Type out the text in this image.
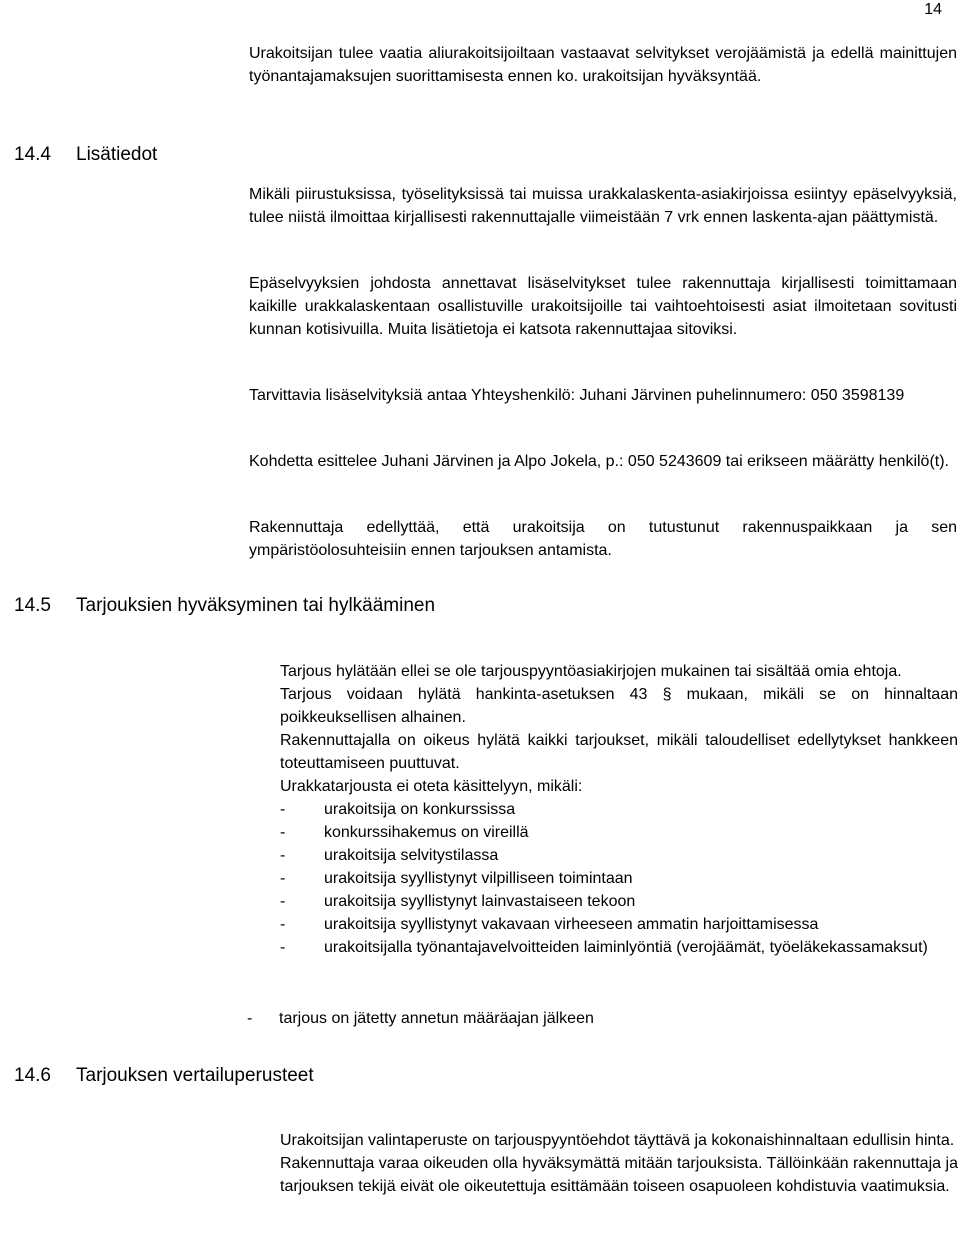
14

Urakoitsijan tulee vaatia aliurakoitsijoiltaan vastaavat selvitykset verojäämistä ja edellä mainittujen työnantajamaksujen suorittamisesta ennen ko. urakoitsijan hyväksyntää.

14.4 Lisätiedot

Mikäli piirustuksissa, työselityksissä tai muissa urakkalaskenta-asiakirjoissa esiintyy epäselvyyksiä, tulee niistä ilmoittaa kirjallisesti rakennuttajalle viimeistään 7 vrk ennen laskenta-ajan päättymistä.

Epäselvyyksien johdosta annettavat lisäselvitykset tulee rakennuttaja kirjallisesti toimittamaan kaikille urakkalaskentaan osallistuville urakoitsijoille tai vaihtoehtoisesti asiat ilmoitetaan sovitusti kunnan kotisivuilla. Muita lisätietoja ei katsota rakennuttajaa sitoviksi.

Tarvittavia lisäselvityksiä antaa Yhteyshenkilö: Juhani Järvinen puhelinnumero: 050 3598139

Kohdetta esittelee Juhani Järvinen ja Alpo Jokela, p.: 050 5243609 tai erikseen määrätty henkilö(t).

Rakennuttaja edellyttää, että urakoitsija on tutustunut rakennuspaikkaan ja sen ympäristöolosuhteisiin ennen tarjouksen antamista.

14.5 Tarjouksien hyväksyminen tai hylkääminen

Tarjous hylätään ellei se ole tarjouspyyntöasiakirjojen mukainen tai sisältää omia ehtoja.

Tarjous voidaan hylätä hankinta-asetuksen 43 § mukaan, mikäli se on hinnaltaan poikkeuksellisen alhainen.

Rakennuttajalla on oikeus hylätä kaikki tarjoukset, mikäli taloudelliset edellytykset hankkeen toteuttamiseen puuttuvat.

Urakkatarjousta ei oteta käsittelyyn, mikäli:

-	urakoitsija on konkurssissa
-	konkurssihakemus on vireillä
-	urakoitsija selvitystilassa
-	urakoitsija syyllistynyt vilpilliseen toimintaan
-	urakoitsija syyllistynyt lainvastaiseen tekoon
-	urakoitsija syyllistynyt vakavaan virheeseen ammatin harjoittamisessa
-	urakoitsijalla työnantajavelvoitteiden laiminlyöntiä (verojäämät, työeläkekassamaksut)
-	tarjous on jätetty annetun määräajan jälkeen
14.6 Tarjouksen vertailuperusteet

Urakoitsijan valintaperuste on tarjouspyyntöehdot täyttävä ja kokonaishinnaltaan edullisin hinta.

Rakennuttaja varaa oikeuden olla hyväksymättä mitään tarjouksista. Tällöinkään rakennuttaja ja tarjouksen tekijä eivät ole oikeutettuja esittämään toiseen osapuoleen kohdistuvia vaatimuksia.
